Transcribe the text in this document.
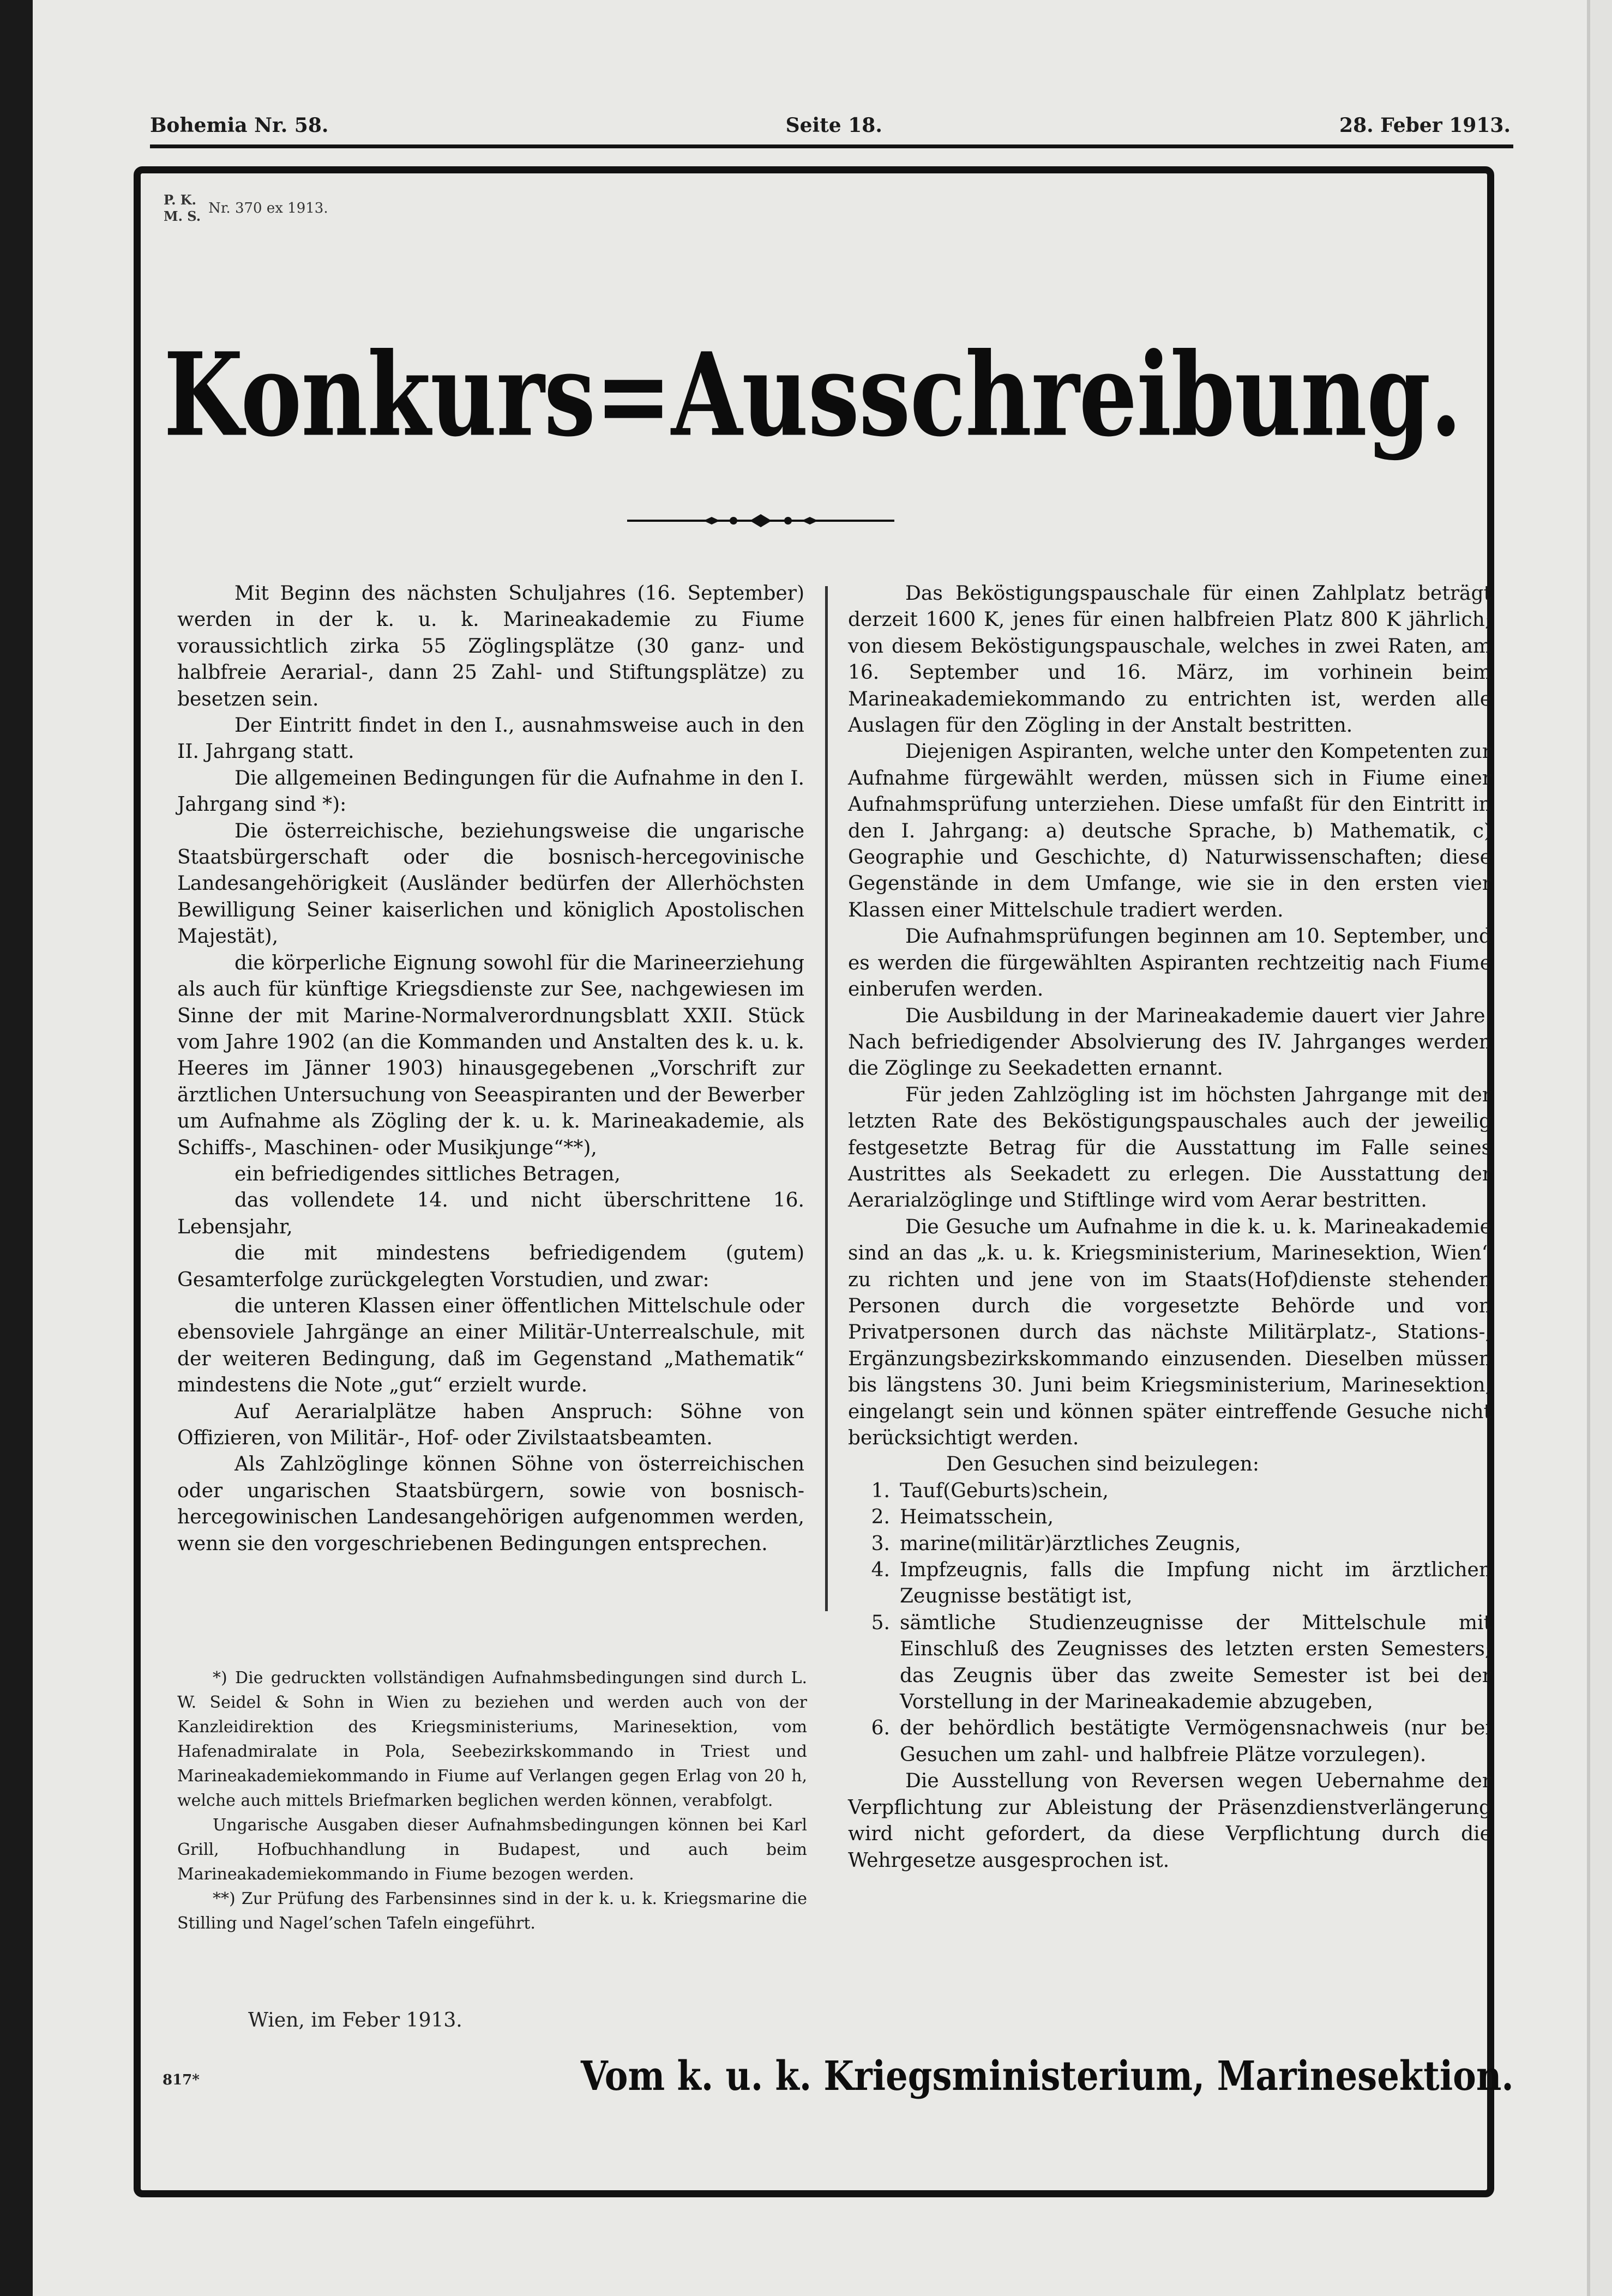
Bohemia Nr. 58.	Seite 18.	28. Feber 1913.
P. K.
M. S. Nr. 370 ex 1913.
Konkurs=Ausschreibung.

Mit Beginn des nächsten Schuljahres (16. September) werden in der k. u. k. Marineakademie zu Fiume voraussichtlich zirka 55 Zöglingsplätze (30 ganz- und halbfreie Aerarial-, dann 25 Zahl- und Stiftungsplätze) zu besetzen sein.

Der Eintritt findet in den I., ausnahmsweise auch in den II. Jahrgang statt.

Die allgemeinen Bedingungen für die Aufnahme in den I. Jahrgang sind *):

Die österreichische, beziehungsweise die ungarische Staatsbürgerschaft oder die bosnisch-hercegovinische Landesangehörigkeit (Ausländer bedürfen der Allerhöchsten Bewilligung Seiner kaiserlichen und königlich Apostolischen Majestät),

die körperliche Eignung sowohl für die Marineerziehung als auch für künftige Kriegsdienste zur See, nachgewiesen im Sinne der mit Marine-Normalverordnungsblatt XXII. Stück vom Jahre 1902 (an die Kommanden und Anstalten des k. u. k. Heeres im Jänner 1903) hinausgegebenen „Vorschrift zur ärztlichen Untersuchung von Seeaspiranten und der Bewerber um Aufnahme als Zögling der k. u. k. Marineakademie, als Schiffs-, Maschinen- oder Musikjunge“**),

ein befriedigendes sittliches Betragen,

das vollendete 14. und nicht überschrittene 16. Lebensjahr,

die mit mindestens befriedigendem (gutem) Gesamterfolge zurückgelegten Vorstudien, und zwar:

die unteren Klassen einer öffentlichen Mittelschule oder ebensoviele Jahrgänge an einer Militär-Unterrealschule, mit der weiteren Bedingung, daß im Gegenstand „Mathematik“ mindestens die Note „gut“ erzielt wurde.

Auf Aerarialplätze haben Anspruch: Söhne von Offizieren, von Militär-, Hof- oder Zivilstaatsbeamten.

Als Zahlzöglinge können Söhne von österreichischen oder ungarischen Staatsbürgern, sowie von bosnisch-hercegowinischen Landesangehörigen aufgenommen werden, wenn sie den vorgeschriebenen Bedingungen entsprechen.

*) Die gedruckten vollständigen Aufnahmsbedingungen sind durch L. W. Seidel & Sohn in Wien zu beziehen und werden auch von der Kanzleidirektion des Kriegsministeriums, Marinesektion, vom Hafenadmiralate in Pola, Seebezirkskommando in Triest und Marineakademiekommando in Fiume auf Verlangen gegen Erlag von 20 h, welche auch mittels Briefmarken beglichen werden können, verabfolgt.

Ungarische Ausgaben dieser Aufnahmsbedingungen können bei Karl Grill, Hofbuchhandlung in Budapest, und auch beim Marineakademiekommando in Fiume bezogen werden.

**) Zur Prüfung des Farbensinnes sind in der k. u. k. Kriegsmarine die Stilling und Nagel’schen Tafeln eingeführt.

Das Beköstigungspauschale für einen Zahlplatz beträgt derzeit 1600 K, jenes für einen halbfreien Platz 800 K jährlich; von diesem Beköstigungspauschale, welches in zwei Raten, am 16. September und 16. März, im vorhinein beim Marineakademiekommando zu entrichten ist, werden alle Auslagen für den Zögling in der Anstalt bestritten.

Diejenigen Aspiranten, welche unter den Kompetenten zur Aufnahme fürgewählt werden, müssen sich in Fiume einer Aufnahmsprüfung unterziehen. Diese umfaßt für den Eintritt in den I. Jahrgang: a) deutsche Sprache, b) Mathematik, c) Geographie und Geschichte, d) Naturwissenschaften; diese Gegenstände in dem Umfange, wie sie in den ersten vier Klassen einer Mittelschule tradiert werden.

Die Aufnahmsprüfungen beginnen am 10. September, und es werden die fürgewählten Aspiranten rechtzeitig nach Fiume einberufen werden.

Die Ausbildung in der Marineakademie dauert vier Jahre. Nach befriedigender Absolvierung des IV. Jahrganges werden die Zöglinge zu Seekadetten ernannt.

Für jeden Zahlzögling ist im höchsten Jahrgange mit der letzten Rate des Beköstigungspauschales auch der jeweilig festgesetzte Betrag für die Ausstattung im Falle seines Austrittes als Seekadett zu erlegen. Die Ausstattung der Aerarialzöglinge und Stiftlinge wird vom Aerar bestritten.

Die Gesuche um Aufnahme in die k. u. k. Marineakademie sind an das „k. u. k. Kriegsministerium, Marinesektion, Wien“ zu richten und jene von im Staats(Hof)dienste stehenden Personen durch die vorgesetzte Behörde und von Privatpersonen durch das nächste Militärplatz-, Stations-, Ergänzungsbezirkskommando einzusenden. Dieselben müssen bis längstens 30. Juni beim Kriegsministerium, Marinesektion, eingelangt sein und können später eintreffende Gesuche nicht berücksichtigt werden.

Den Gesuchen sind beizulegen:

1. Tauf(Geburts)schein,
2. Heimatsschein,
3. marine(militär)ärztliches Zeugnis,
4. Impfzeugnis, falls die Impfung nicht im ärztlichen Zeugnisse bestätigt ist,
5. sämtliche Studienzeugnisse der Mittelschule mit Einschluß des Zeugnisses des letzten ersten Semesters; das Zeugnis über das zweite Semester ist bei der Vorstellung in der Marineakademie abzugeben,
6. der behördlich bestätigte Vermögensnachweis (nur bei Gesuchen um zahl- und halbfreie Plätze vorzulegen).

Die Ausstellung von Reversen wegen Uebernahme der Verpflichtung zur Ableistung der Präsenzdienstverlängerung wird nicht gefordert, da diese Verpflichtung durch die Wehrgesetze ausgesprochen ist.

Wien, im Feber 1913.
817*	Vom k. u. k. Kriegsministerium, Marinesektion.
